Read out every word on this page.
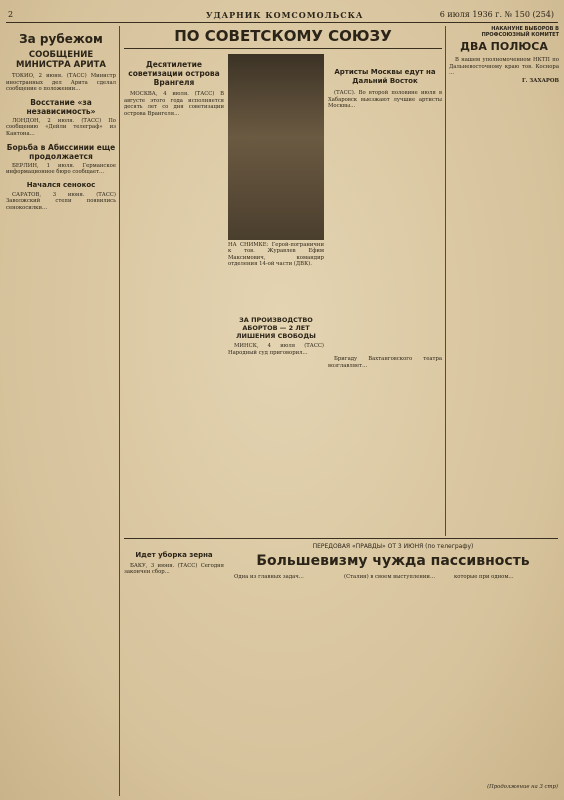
2	УДАРНИК КОМСОМОЛЬСКА	6 июля 1936 г. № 150 (254)
За рубежом
СООБЩЕНИЕ МИНИСТРА АРИТА

ТОКИО, 2 июня. (ТАСС) Министр иностранных дел Арита сделал сообщение о положении...

Восстание «за независимость»

ЛОНДОН, 2 июля. (ТАСС) По сообщению «Дейли телеграф» из Кантона...

Борьба в Абиссинии еще продолжается

БЕРЛИН, 1 июля. Германское информационное бюро сообщает...

Начался сенокос

САРАТОВ, 3 июня. (ТАСС) Заволжский степи появились сенокосилки...

ПО СОВЕТСКОМУ СОЮЗУ
Десятилетие советизации острова Врангеля

МОСКВА, 4 июля. (ТАСС) В августе этого года исполняется десять лет со дня советизации острова Врангеля...

НА СНИМКЕ: Герой-погранични к тов. Журавлев Ефим Максимович, командир отделения 14-ой части (ДВК).
Артисты Москвы едут на Дальний Восток

(ТАСС). Во второй половине июля в Хабаровск выезжают лучшие артисты Москвы...

ЗА ПРОИЗВОДСТВО АБОРТОВ — 2 ЛЕТ ЛИШЕНИЯ СВОБОДЫ

МИНСК, 4 июля (ТАСС) Народный суд приговорил...

Бригаду Вахтанговского театра возглавляет...

НАКАНУНЕ ВЫБОРОВ В ПРОФСОЮЗНЫЙ КОМИТЕТ
ДВА ПОЛЮСА

В нашем уполномоченном НКТП по Дальневосточному краю тов. Коснора ...

Г. ЗАХАРОВ

ПЕРЕДОВАЯ «ПРАВДЫ» ОТ 3 ИЮНЯ (по телеграфу)
Большевизму чужда пассивность
Идет уборка зерна

БАКУ, 3 июня. (ТАСС) Сегодня закончен сбор...

Одна из главных задач...	(Сталин) в своем выступлении...	которые при одном...

(Продолжение на 3 стр)
